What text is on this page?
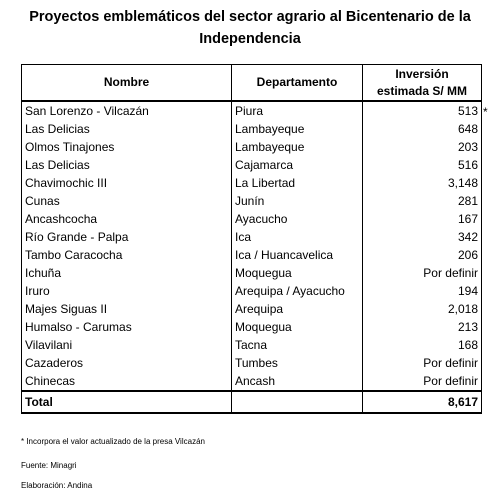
Proyectos emblemáticos del sector agrario al Bicentenario de la
Independencia
Nombre	Departamento	Inversión
estimada S/ MM

San Lorenzo - Vilcazán	Piura	513
Las Delicias	Lambayeque	648
Olmos Tinajones	Lambayeque	203
Las Delicias	Cajamarca	516
Chavimochic III	La Libertad	3,148
Cunas	Junín	281
Ancashcocha	Ayacucho	167
Río Grande - Palpa	Ica	342
Tambo Caracocha	Ica / Huancavelica	206
Ichuña	Moquegua	Por definir
Iruro	Arequipa / Ayacucho	194
Majes Siguas II	Arequipa	2,018
Humalso - Carumas	Moquegua	213
Vilavilani	Tacna	168
Cazaderos	Tumbes	Por definir
Chinecas	Ancash	Por definir
Total		8,617
*
* Incorpora el valor actualizado de la presa Vilcazán
Fuente: Minagri
Elaboración: Andina
